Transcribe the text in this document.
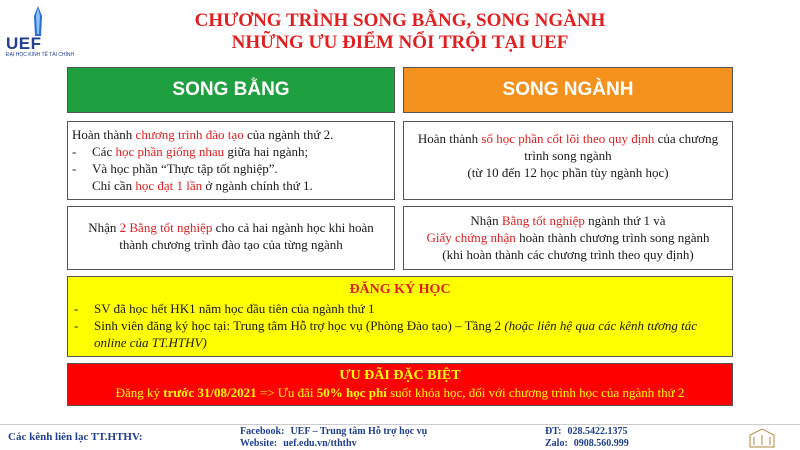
UEF
ĐẠI HỌC KINH TẾ TÀI CHÍNH
CHƯƠNG TRÌNH SONG BẰNG, SONG NGÀNH
NHỮNG ƯU ĐIỂM NỔI TRỘI TẠI UEF
SONG BẰNG	SONG NGÀNH
Hoàn thành chương trình đào tạo của ngành thứ 2.
-	Các học phần giống nhau giữa hai ngành;
-	Và học phần “Thực tập tốt nghiệp”.
Chỉ cần học đạt 1 lần ở ngành chính thứ 1.
Hoàn thành số học phần cốt lõi theo quy định của chương trình song ngành
(từ 10 đến 12 học phần tùy ngành học)
Nhận 2 Bằng tốt nghiệp cho cả hai ngành học khi hoàn thành chương trình đào tạo của từng ngành
Nhận Bằng tốt nghiệp ngành thứ 1 và
Giấy chứng nhận hoàn thành chương trình song ngành
(khi hoàn thành các chương trình theo quy định)
ĐĂNG KÝ HỌC
-	SV đã học hết HK1 năm học đầu tiên của ngành thứ 1
-	Sinh viên đăng ký học tại: Trung tâm Hỗ trợ học vụ (Phòng Đào tạo) – Tầng 2 (hoặc liên hệ qua các kênh tương tác online của TT.HTHV)
ƯU ĐÃI ĐẶC BIỆT
Đăng ký trước 31/08/2021 => Ưu đãi 50% học phí suốt khóa học, đối với chương trình học của ngành thứ 2
Các kênh liên lạc TT.HTHV:	Facebook: UEF – Trung tâm Hỗ trợ học vụ
Website: uef.edu.vn/tththv
ĐT: 028.5422.1375
Zalo: 0908.560.999
